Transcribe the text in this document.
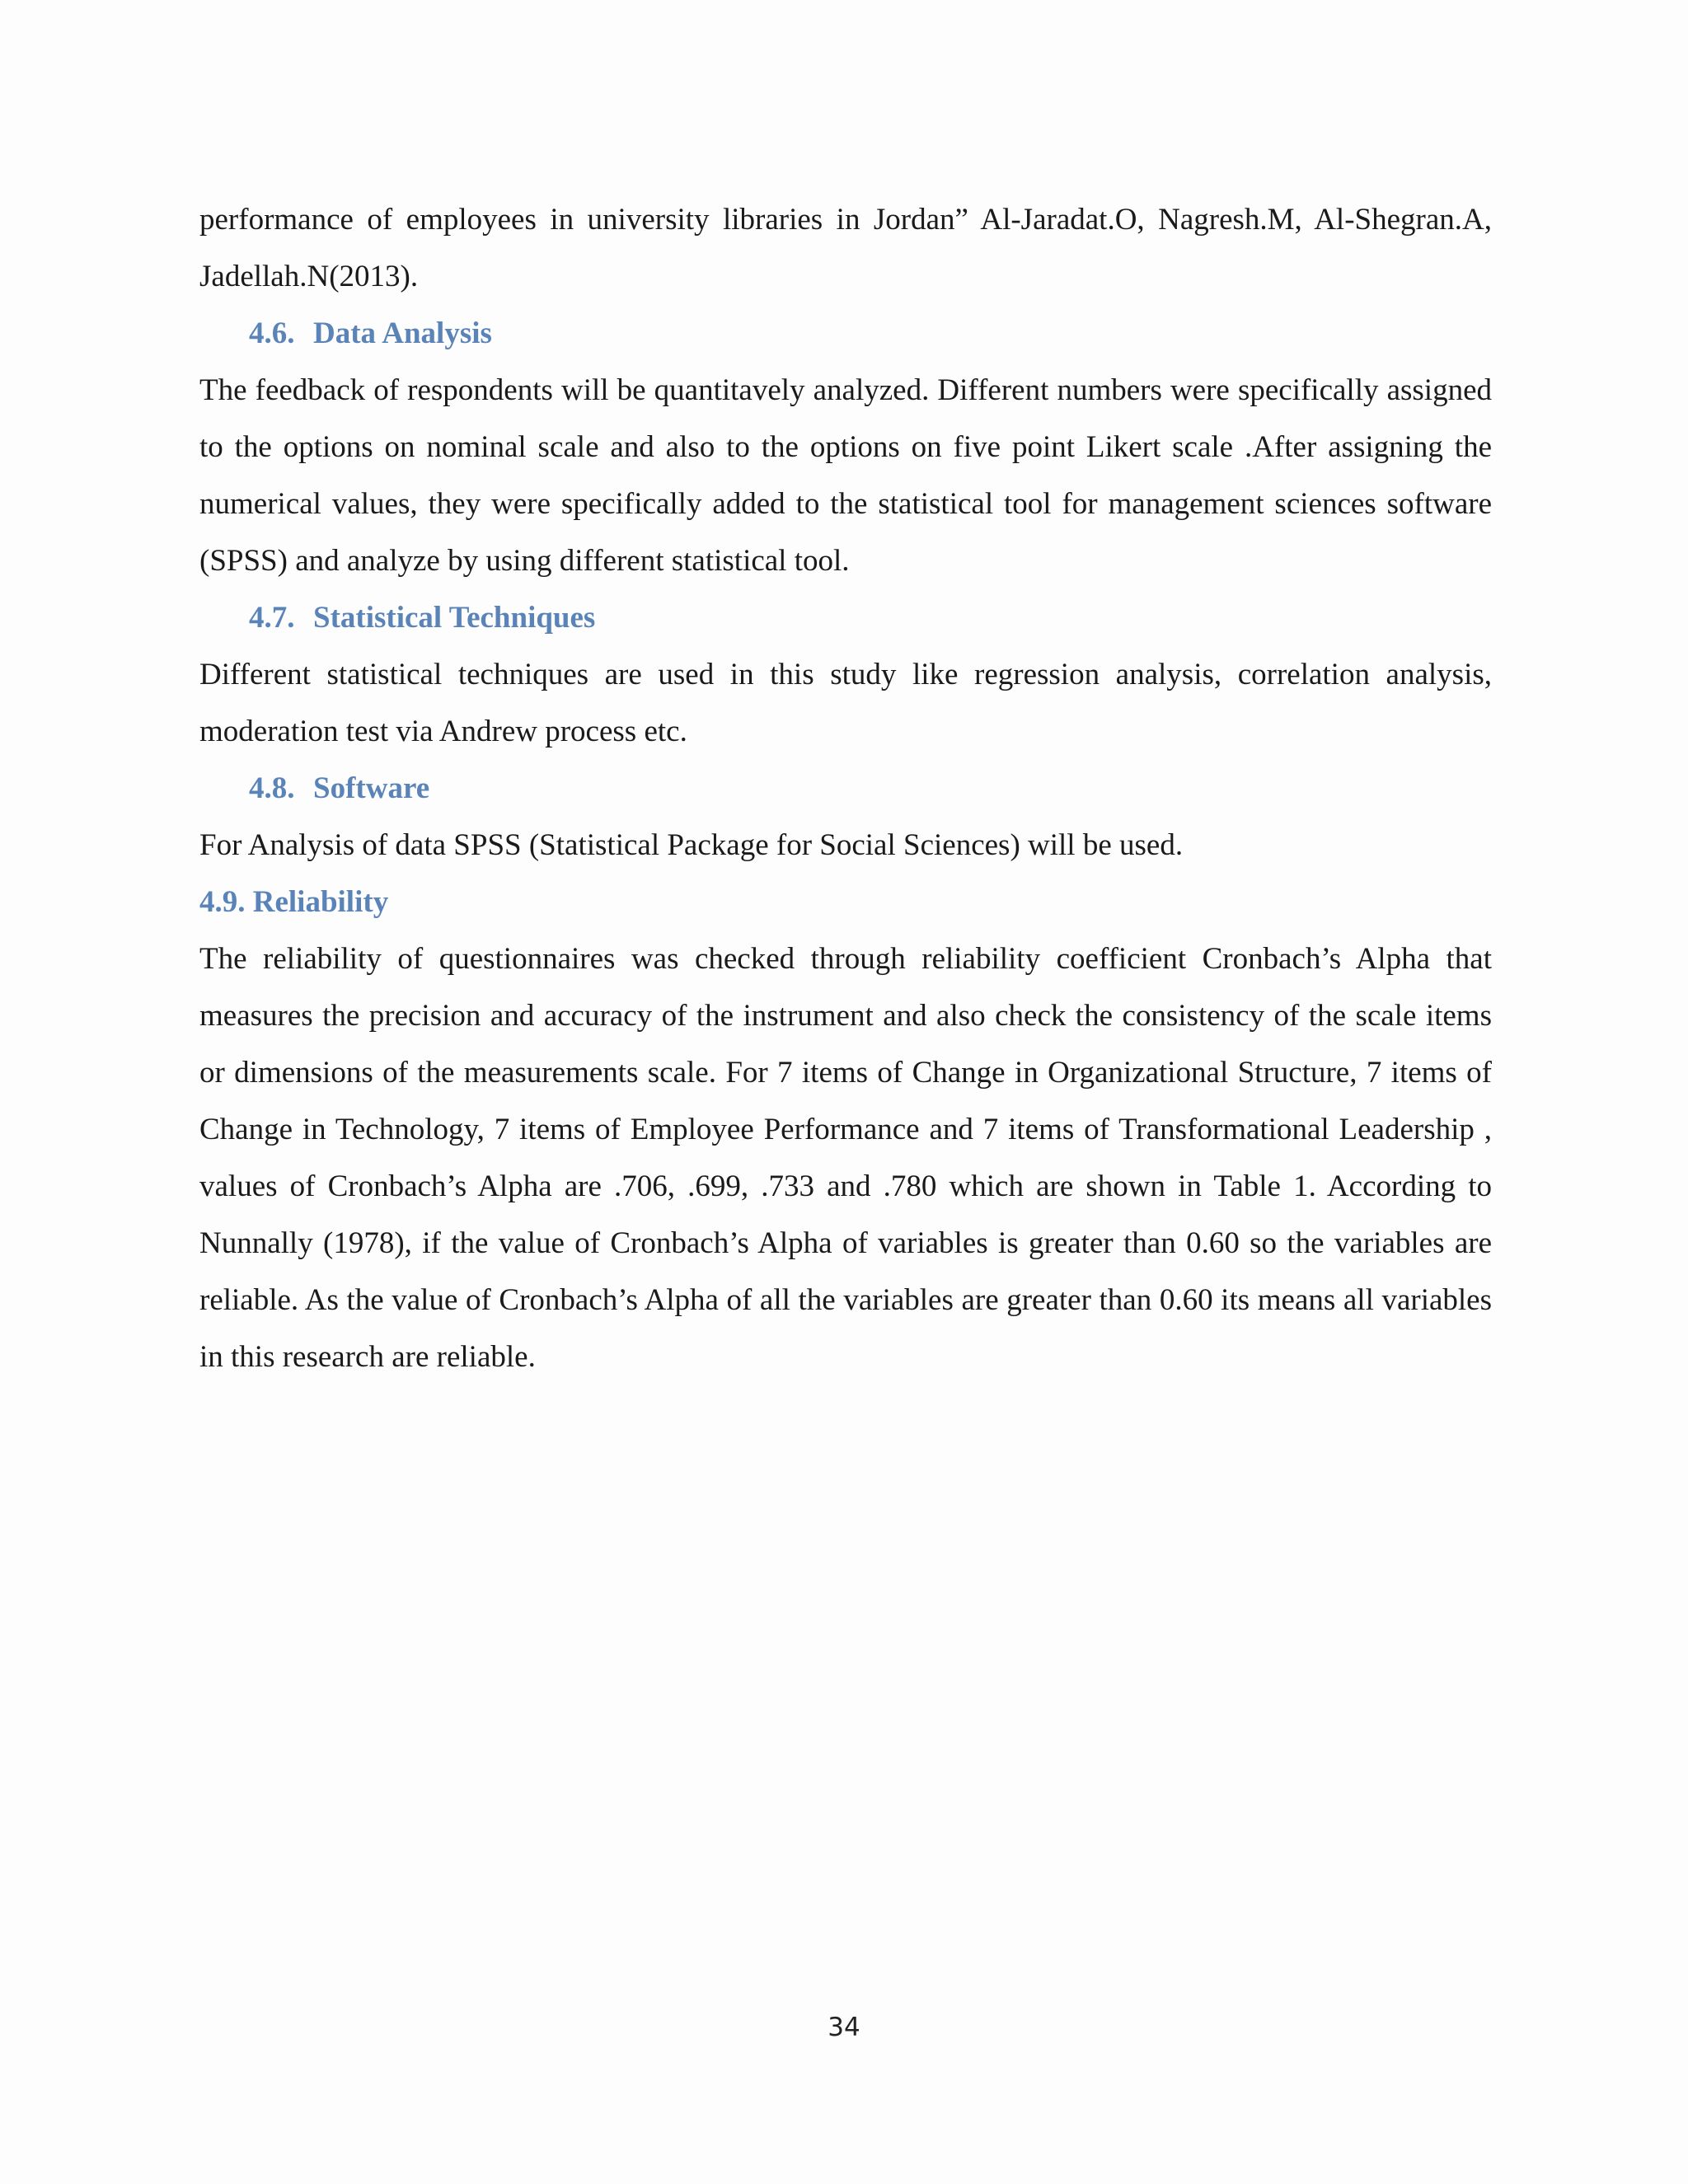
performance of employees in university libraries in Jordan” Al-Jaradat.O, Nagresh.M, Al-Shegran.A, Jadellah.N(2013).

4.6. Data Analysis

The feedback of respondents will be quantitavely analyzed. Different numbers were specifically assigned to the options on nominal scale and also to the options on five point Likert scale .After assigning the numerical values, they were specifically added to the statistical tool for management sciences software (SPSS) and analyze by using different statistical tool.

4.7. Statistical Techniques

Different statistical techniques are used in this study like regression analysis, correlation analysis, moderation test via Andrew process etc.

4.8. Software

For Analysis of data SPSS (Statistical Package for Social Sciences) will be used.

4.9. Reliability

The reliability of questionnaires was checked through reliability coefficient Cronbach’s Alpha that measures the precision and accuracy of the instrument and also check the consistency of the scale items or dimensions of the measurements scale. For 7 items of Change in Organizational Structure, 7 items of Change in Technology, 7 items of Employee Performance and 7 items of Transformational Leadership , values of Cronbach’s Alpha are .706, .699, .733 and .780 which are shown in Table 1. According to Nunnally (1978), if the value of Cronbach’s Alpha of variables is greater than 0.60 so the variables are reliable. As the value of Cronbach’s Alpha of all the variables are greater than 0.60 its means all variables in this research are reliable.

34
